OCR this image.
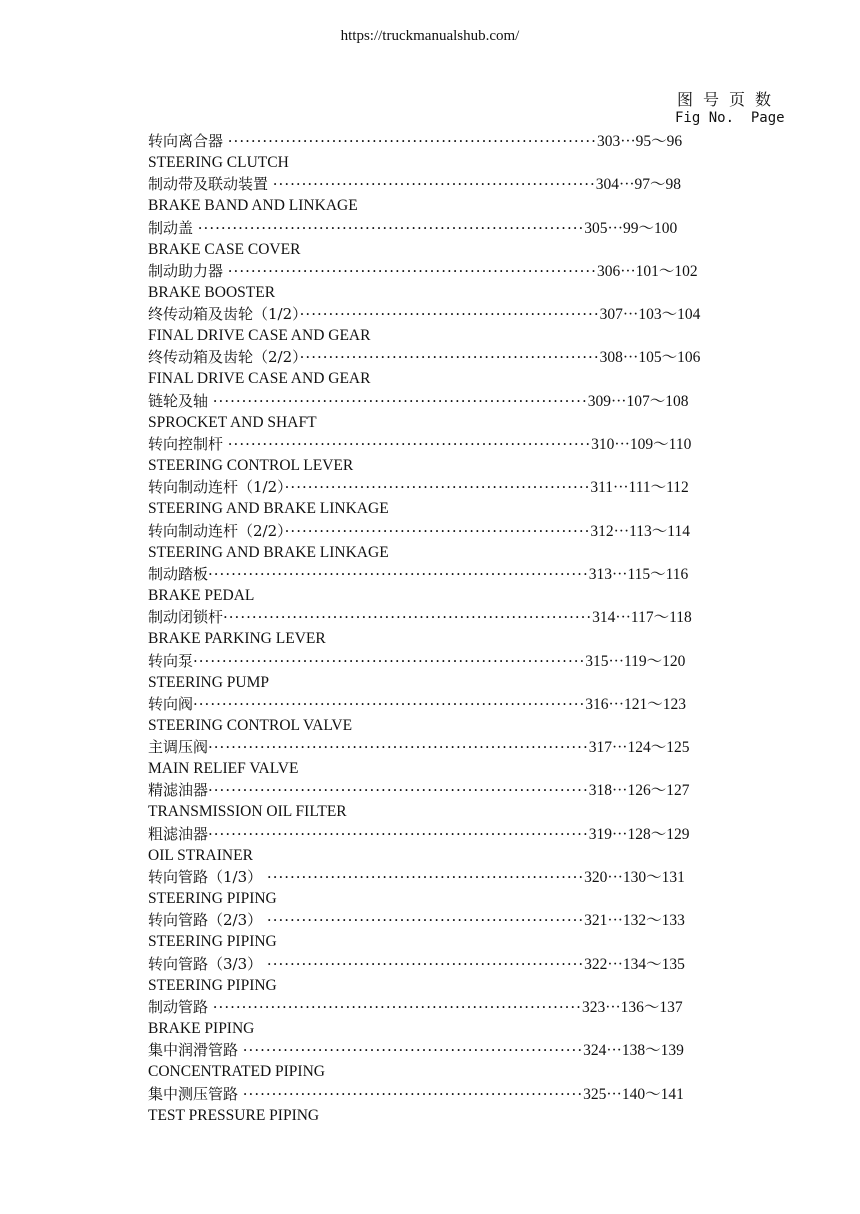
https://truckmanualshub.com/
图号页数
Fig No.  Page
转向离合器 ································································303···95～96
STEERING CLUTCH
制动带及联动装置 ························································304···97～98
BRAKE BAND AND LINKAGE
制动盖 ···································································305···99～100
BRAKE CASE COVER
制动助力器 ································································306···101～102
BRAKE BOOSTER
终传动箱及齿轮（1/2）····················································307···103～104
FINAL DRIVE CASE AND GEAR
终传动箱及齿轮（2/2）····················································308···105～106
FINAL DRIVE CASE AND GEAR
链轮及轴 ·································································309···107～108
SPROCKET AND SHAFT
转向控制杆 ·······························································310···109～110
STEERING CONTROL LEVER
转向制动连杆（1/2）·····················································311···111～112
STEERING AND BRAKE LINKAGE
转向制动连杆（2/2）·····················································312···113～114
STEERING AND BRAKE LINKAGE
制动踏板··································································313···115～116
BRAKE PEDAL
制动闭锁杆································································314···117～118
BRAKE PARKING LEVER
转向泵····································································315···119～120
STEERING PUMP
转向阀····································································316···121～123
STEERING CONTROL VALVE
主调压阀··································································317···124～125
MAIN RELIEF VALVE
精滤油器··································································318···126～127
TRANSMISSION OIL FILTER
粗滤油器··································································319···128～129
OIL STRAINER
转向管路（1/3） ·······················································320···130～131
STEERING PIPING
转向管路（2/3） ·······················································321···132～133
STEERING PIPING
转向管路（3/3） ·······················································322···134～135
STEERING PIPING
制动管路 ································································323···136～137
BRAKE PIPING
集中润滑管路 ···························································324···138～139
CONCENTRATED PIPING
集中测压管路 ···························································325···140～141
TEST PRESSURE PIPING
